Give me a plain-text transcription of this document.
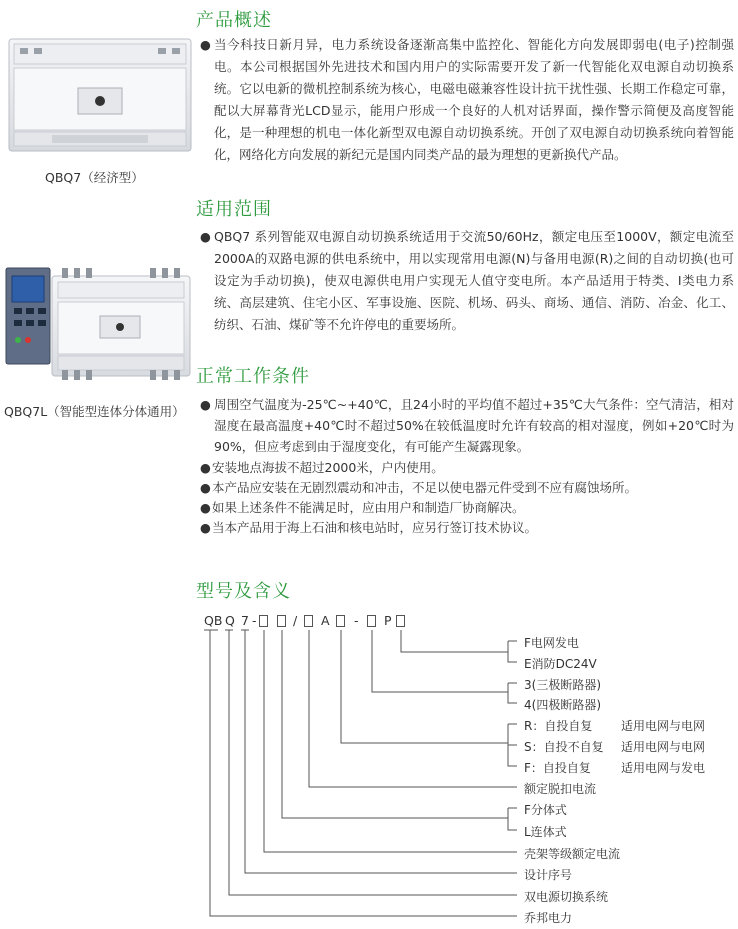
产品概述
● 当今科技日新月异，电力系统设备逐渐高集中监控化、智能化方向发展即弱电(电子)控制强电。本公司根据国外先进技术和国内用户的实际需要开发了新一代智能化双电源自动切换系统。它以电新的微机控制系统为核心，电磁电磁兼容性设计抗干扰性强、长期工作稳定可靠，配以大屏幕背光LCD显示，能用户形成一个良好的人机对话界面，操作警示简便及高度智能化，是一种理想的机电一体化新型双电源自动切换系统。开创了双电源自动切换系统向着智能化，网络化方向发展的新纪元是国内同类产品的最为理想的更新换代产品。
QBQ7（经济型）
适用范围
● QBQ7 系列智能双电源自动切换系统适用于交流50/60Hz，额定电压至1000V，额定电流至2000A的双路电源的供电系统中，用以实现常用电源(N)与备用电源(R)之间的自动切换(也可设定为手动切换)，使双电源供电用户实现无人值守变电所。本产品适用于特类、Ⅰ类电力系统、高层建筑、住宅小区、军事设施、医院、机场、码头、商场、通信、消防、冶金、化工、纺织、石油、煤矿等不允许停电的重要场所。
QBQ7L（智能型连体分体通用）
正常工作条件
● 周围空气温度为-25℃~+40℃，且24小时的平均值不超过+35℃大气条件：空气清洁，相对湿度在最高温度+40℃时不超过50%在较低温度时允许有较高的相对湿度，例如+20℃时为90%，但应考虑到由于湿度变化，有可能产生凝露现象。
●安装地点海拔不超过2000米，户内使用。
●本产品应安装在无剧烈震动和冲击，不足以使电器元件受到不应有腐蚀场所。
●如果上述条件不能满足时，应由用户和制造厂协商解决。
●当本产品用于海上石油和核电站时，应另行签订技术协议。
型号及含义
QB Q 7 -	/ A - P
F电网发电
E消防DC24V
3(三极断路器)
4(四极断路器)
R：自投自复 适用电网与电网
S：自投不自复 适用电网与电网
F：自投自复	适用电网与发电
额定脱扣电流
F分体式
L连体式
壳架等级额定电流
设计序号
双电源切换系统
乔邦电力
